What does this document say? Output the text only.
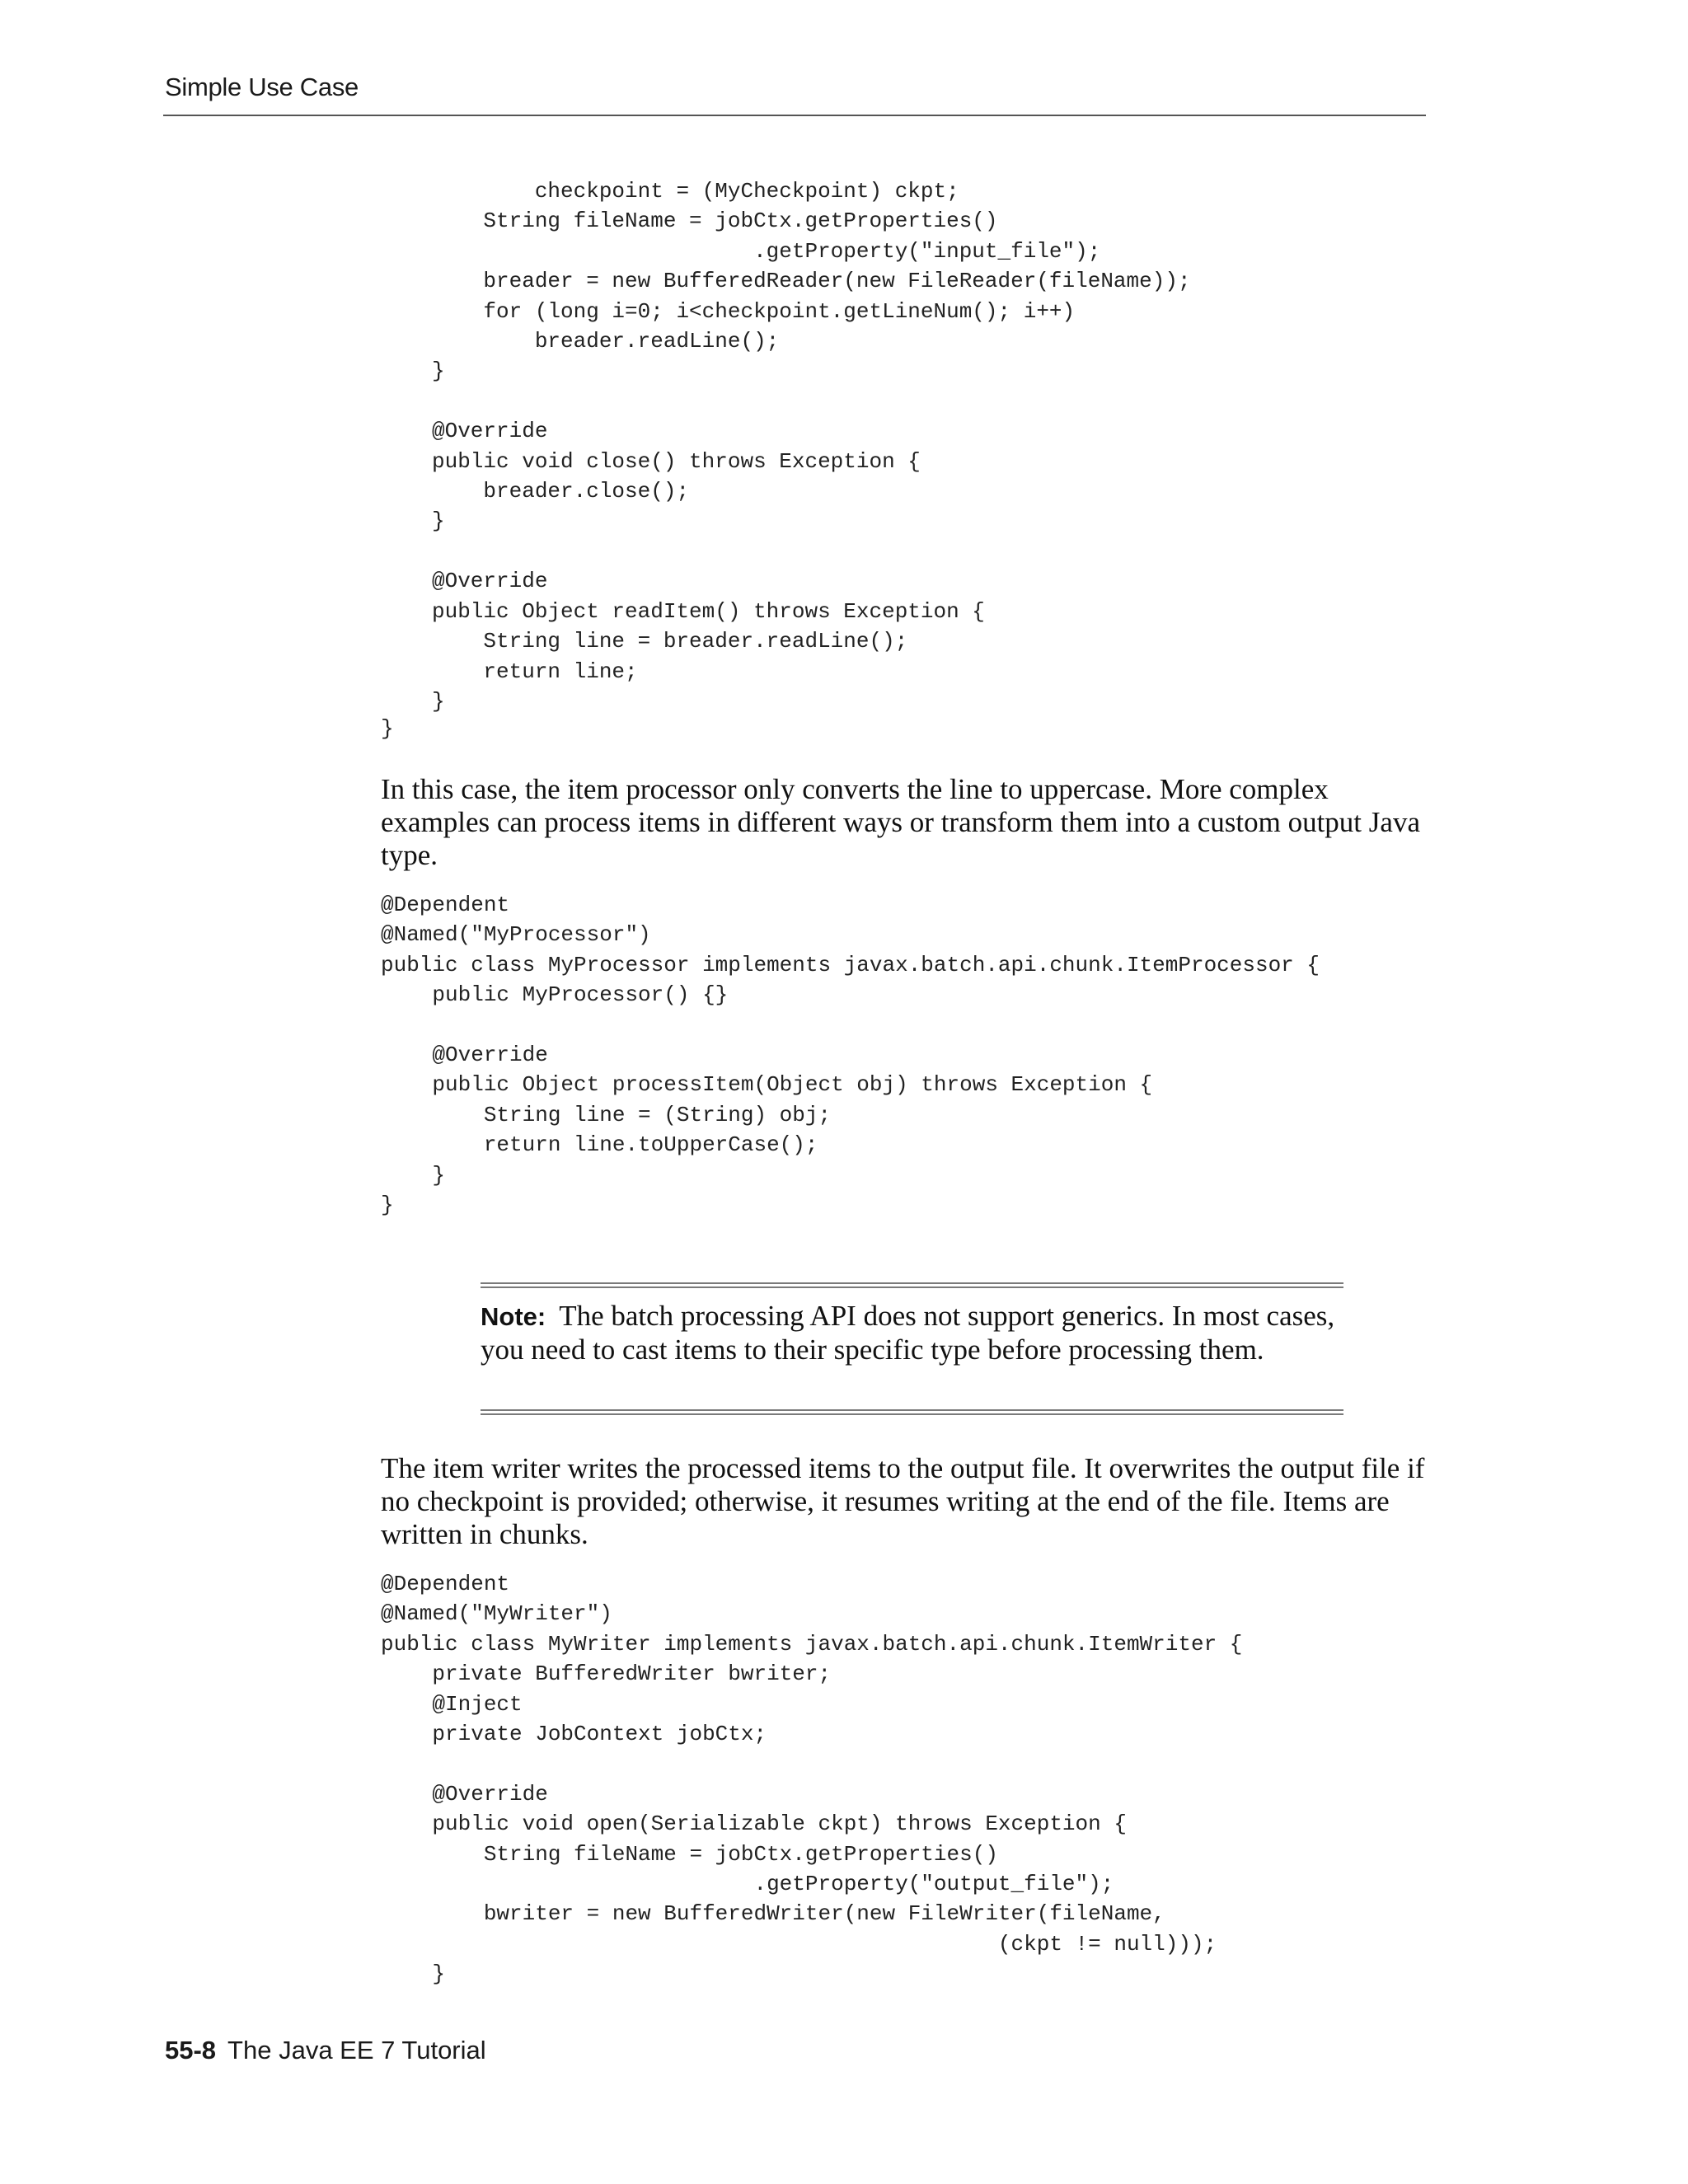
Simple Use Case
checkpoint = (MyCheckpoint) ckpt;
String fileName = jobCtx.getProperties()
.getProperty("input_file");
breader = new BufferedReader(new FileReader(fileName));
for (long i=0; i<checkpoint.getLineNum(); i++)
breader.readLine();
}

@Override
public void close() throws Exception {
breader.close();
}

@Override
public Object readItem() throws Exception {
String line = breader.readLine();
return line;
}
}

In this case, the item processor only converts the line to uppercase. More complex examples can process items in different ways or transform them into a custom output Java type.

@Dependent
@Named("MyProcessor")
public class MyProcessor implements javax.batch.api.chunk.ItemProcessor {
public MyProcessor() {}

@Override
public Object processItem(Object obj) throws Exception {
String line = (String) obj;
return line.toUpperCase();
}
}

Note: The batch processing API does not support generics. In most cases, you need to cast items to their specific type before processing them.

The item writer writes the processed items to the output file. It overwrites the output file if no checkpoint is provided; otherwise, it resumes writing at the end of the file. Items are written in chunks.

@Dependent
@Named("MyWriter")
public class MyWriter implements javax.batch.api.chunk.ItemWriter {
private BufferedWriter bwriter;
@Inject
private JobContext jobCtx;

@Override
public void open(Serializable ckpt) throws Exception {
String fileName = jobCtx.getProperties()
.getProperty("output_file");
bwriter = new BufferedWriter(new FileWriter(fileName,
(ckpt != null)));
}
55-8 The Java EE 7 Tutorial
